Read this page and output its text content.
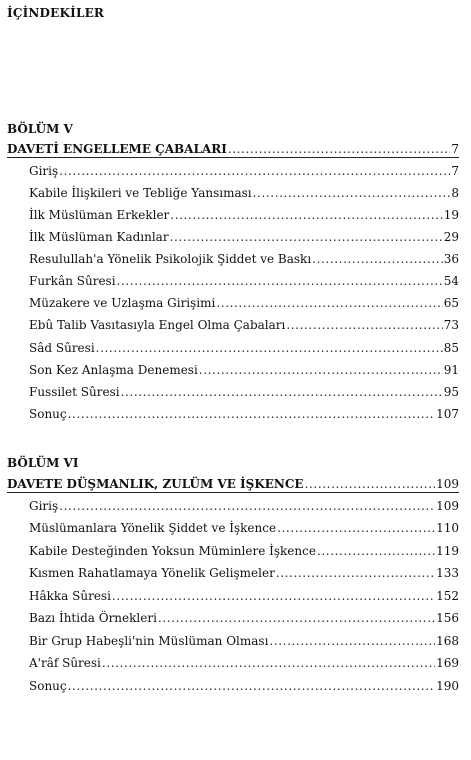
İÇİNDEKİLER
BÖLÜM V
DAVETİ ENGELLEME ÇABALARI .....	7
Giriş .....	7
Kabile İlişkileri ve Tebliğe Yansıması .....	8
İlk Müslüman Erkekler .....	19
İlk Müslüman Kadınlar .....	29
Resulullah'a Yönelik Psikolojik Şiddet ve Baskı .....	36
Furkân Sûresi .....	54
Müzakere ve Uzlaşma Girişimi .....	65
Ebû Talib Vasıtasıyla Engel Olma Çabaları .....	73
Sâd Sûresi .....	85
Son Kez Anlaşma Denemesi .....	91
Fussilet Sûresi .....	95
Sonuç .....	107
BÖLÜM VI
DAVETE DÜŞMANLIK, ZULÜM VE İŞKENCE .....	109
Giriş .....	109
Müslümanlara Yönelik Şiddet ve İşkence .....	110
Kabile Desteğinden Yoksun Müminlere İşkence .....	119
Kısmen Rahatlamaya Yönelik Gelişmeler .....	133
Hâkka Sûresi .....	152
Bazı İhtida Örnekleri .....	156
Bir Grup Habeşli'nin Müslüman Olması .....	168
A'râf Sûresi .....	169
Sonuç .....	190
